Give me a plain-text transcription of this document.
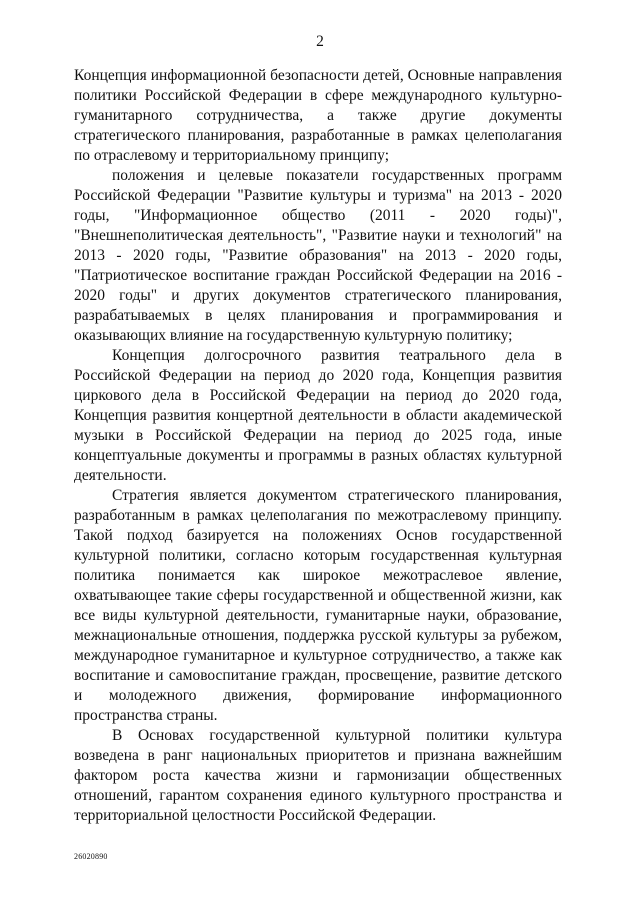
2

Концепция информационной безопасности детей, Основные направления политики Российской Федерации в сфере международного культурно-гуманитарного сотрудничества, а также другие документы стратегического планирования, разработанные в рамках целеполагания по отраслевому и территориальному принципу;

положения и целевые показатели государственных программ Российской Федерации "Развитие культуры и туризма" на 2013 - 2020 годы, "Информационное общество (2011 - 2020 годы)", "Внешнеполитическая деятельность", "Развитие науки и технологий" на 2013 - 2020 годы, "Развитие образования" на 2013 - 2020 годы, "Патриотическое воспитание граждан Российской Федерации на 2016 - 2020 годы" и других документов стратегического планирования, разрабатываемых в целях планирования и программирования и оказывающих влияние на государственную культурную политику;

Концепция долгосрочного развития театрального дела в Российской Федерации на период до 2020 года, Концепция развития циркового дела в Российской Федерации на период до 2020 года, Концепция развития концертной деятельности в области академической музыки в Российской Федерации на период до 2025 года, иные концептуальные документы и программы в разных областях культурной деятельности.

Стратегия является документом стратегического планирования, разработанным в рамках целеполагания по межотраслевому принципу. Такой подход базируется на положениях Основ государственной культурной политики, согласно которым государственная культурная политика понимается как широкое межотраслевое явление, охватывающее такие сферы государственной и общественной жизни, как все виды культурной деятельности, гуманитарные науки, образование, межнациональные отношения, поддержка русской культуры за рубежом, международное гуманитарное и культурное сотрудничество, а также как воспитание и самовоспитание граждан, просвещение, развитие детского и молодежного движения, формирование информационного пространства страны.

В Основах государственной культурной политики культура возведена в ранг национальных приоритетов и признана важнейшим фактором роста качества жизни и гармонизации общественных отношений, гарантом сохранения единого культурного пространства и территориальной целостности Российской Федерации.

26020890
